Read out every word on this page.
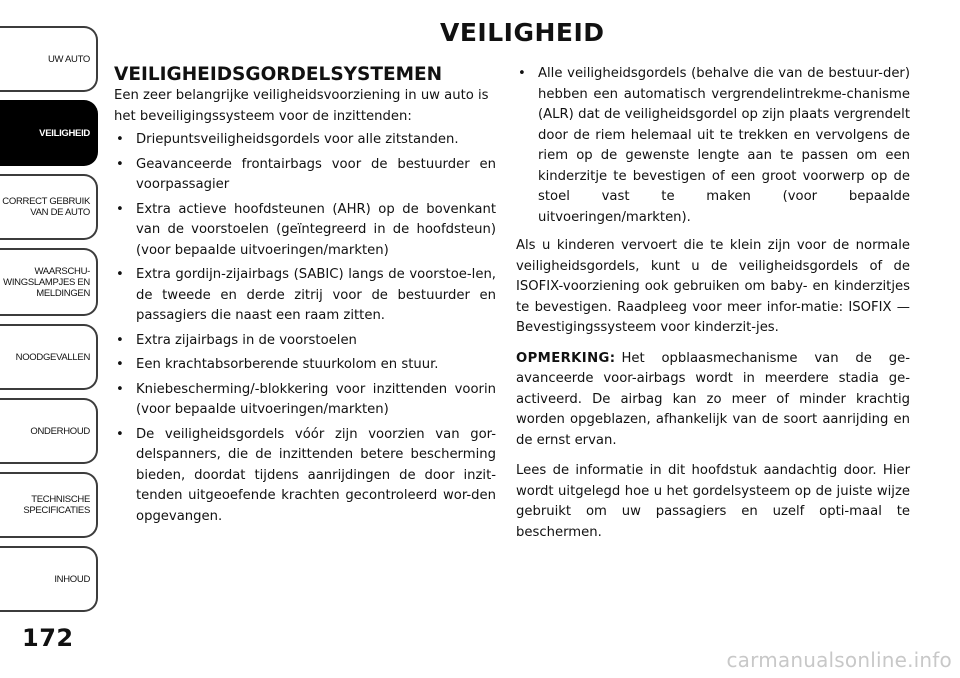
UW AUTO
VEILIGHEID
CORRECT GEBRUIK VAN DE AUTO
WAARSCHU-WINGSLAMPJES EN MELDINGEN
NOODGEVALLEN
ONDERHOUD
TECHNISCHE SPECIFICATIES
INHOUD
172
VEILIGHEID
VEILIGHEIDSGORDELSYSTEMEN

Een zeer belangrijke veiligheidsvoorziening in uw auto is het beveiligingssysteem voor de inzittenden:

• Driepuntsveiligheidsgordels voor alle zitstanden.
• Geavanceerde frontairbags voor de bestuurder en voorpassagier
• Extra actieve hoofdsteunen (AHR) op de bovenkant van de voorstoelen (geïntegreerd in de hoofdsteun) (voor bepaalde uitvoeringen/markten)
• Extra gordijn-zijairbags (SABIC) langs de voorstoe-len, de tweede en derde zitrij voor de bestuurder en passagiers die naast een raam zitten.
• Extra zijairbags in de voorstoelen
• Een krachtabsorberende stuurkolom en stuur.
• Kniebescherming/-blokkering voor inzittenden voorin (voor bepaalde uitvoeringen/markten)
• De veiligheidsgordels vóór zijn voorzien van gor-delspanners, die de inzittenden betere bescherming bieden, doordat tijdens aanrijdingen de door inzit-tenden uitgeoefende krachten gecontroleerd wor-den opgevangen.
• Alle veiligheidsgordels (behalve die van de bestuur-der) hebben een automatisch vergrendelintrekme-chanisme (ALR) dat de veiligheidsgordel op zijn plaats vergrendelt door de riem helemaal uit te trekken en vervolgens de riem op de gewenste lengte aan te passen om een kinderzitje te bevestigen of een groot voorwerp op de stoel vast te maken (voor bepaalde uitvoeringen/markten).

Als u kinderen vervoert die te klein zijn voor de normale veiligheidsgordels, kunt u de veiligheidsgordels of de ISOFIX-voorziening ook gebruiken om baby- en kinderzitjes te bevestigen. Raadpleeg voor meer infor-matie: ISOFIX — Bevestigingssysteem voor kinderzit-jes.

OPMERKING: Het opblaasmechanisme van de ge-avanceerde voor-airbags wordt in meerdere stadia ge-activeerd. De airbag kan zo meer of minder krachtig worden opgeblazen, afhankelijk van de soort aanrijding en de ernst ervan.

Lees de informatie in dit hoofdstuk aandachtig door. Hier wordt uitgelegd hoe u het gordelsysteem op de juiste wijze gebruikt om uw passagiers en uzelf opti-maal te beschermen.

carmanualsonline.info
